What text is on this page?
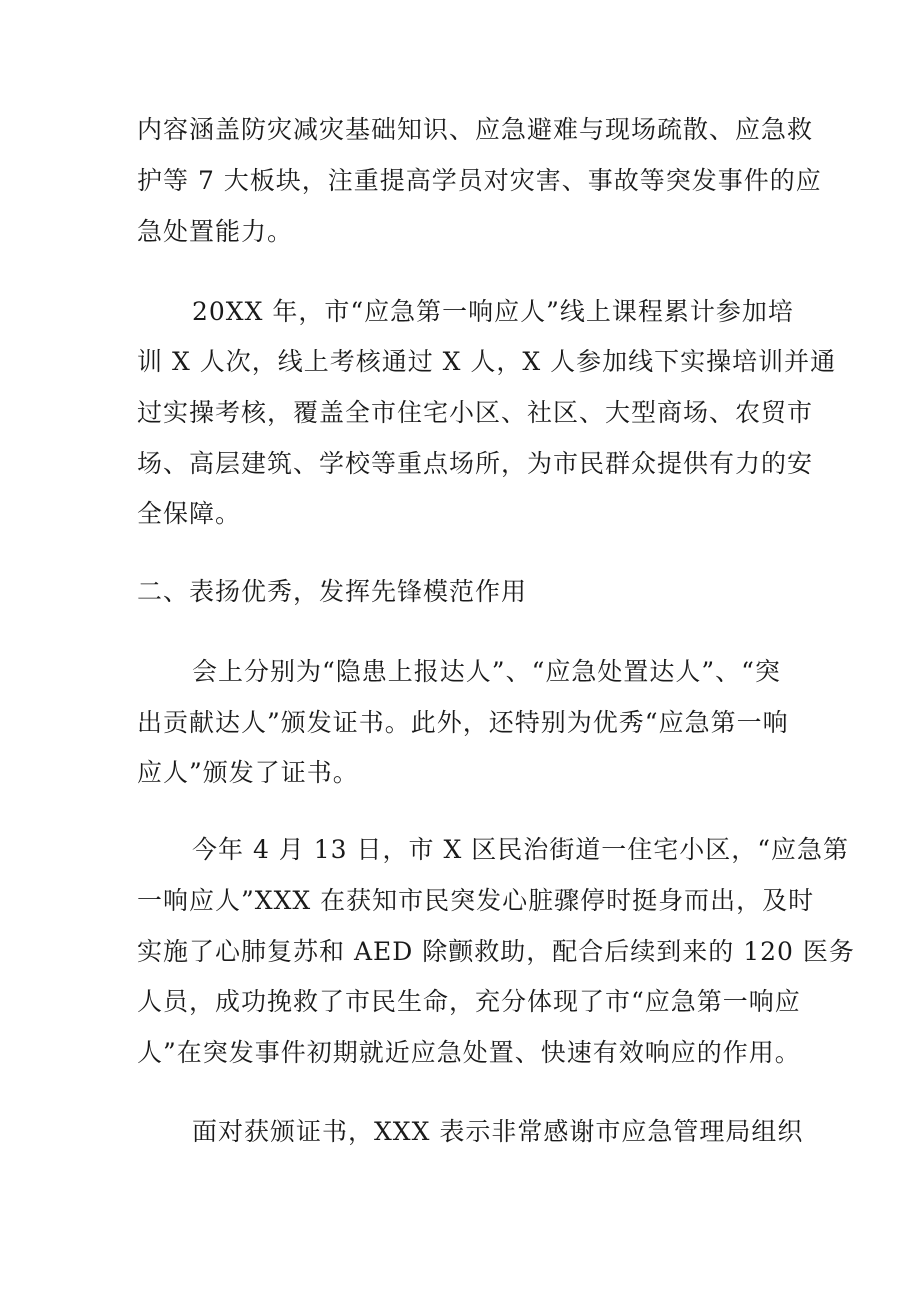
内容涵盖防灾减灾基础知识、应急避难与现场疏散、应急救
护等 7 大板块，注重提高学员对灾害、事故等突发事件的应
急处置能力。
20XX 年，市“应急第一响应人”线上课程累计参加培
训 X 人次，线上考核通过 X 人，X 人参加线下实操培训并通
过实操考核，覆盖全市住宅小区、社区、大型商场、农贸市
场、高层建筑、学校等重点场所，为市民群众提供有力的安
全保障。
二、表扬优秀，发挥先锋模范作用
会上分别为“隐患上报达人”、“应急处置达人”、“突
出贡献达人”颁发证书。此外，还特别为优秀“应急第一响
应人”颁发了证书。
今年 4 月 13 日，市 X 区民治街道一住宅小区，“应急第
一响应人”XXX 在获知市民突发心脏骤停时挺身而出，及时
实施了心肺复苏和 AED 除颤救助，配合后续到来的 120 医务
人员，成功挽救了市民生命，充分体现了市“应急第一响应
人”在突发事件初期就近应急处置、快速有效响应的作用。
面对获颁证书，XXX 表示非常感谢市应急管理局组织
